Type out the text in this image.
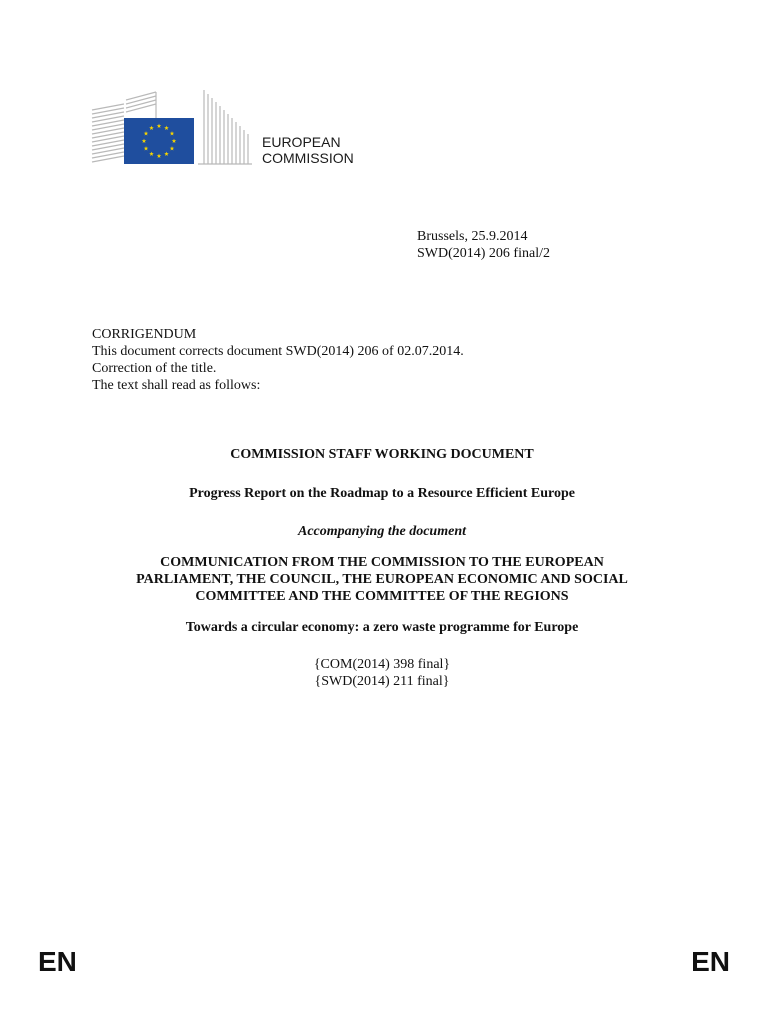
EUROPEAN
COMMISSION
Brussels, 25.9.2014
SWD(2014) 206 final/2
CORRIGENDUM
This document corrects document SWD(2014) 206 of 02.07.2014.
Correction of the title.
The text shall read as follows:
COMMISSION STAFF WORKING DOCUMENT
Progress Report on the Roadmap to a Resource Efficient Europe
Accompanying the document
COMMUNICATION FROM THE COMMISSION TO THE EUROPEAN
PARLIAMENT, THE COUNCIL, THE EUROPEAN ECONOMIC AND SOCIAL
COMMITTEE AND THE COMMITTEE OF THE REGIONS
Towards a circular economy: a zero waste programme for Europe
{COM(2014) 398 final}
{SWD(2014) 211 final}
EN	EN
